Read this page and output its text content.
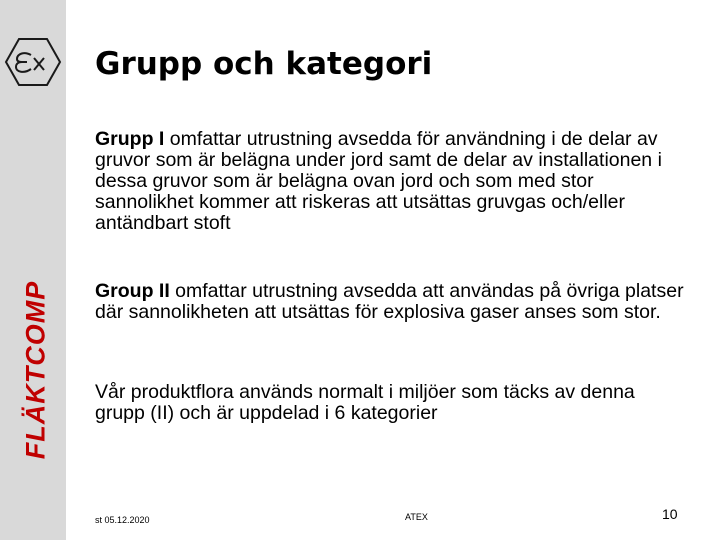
FLÄKTCOMP
Grupp och kategori
Grupp I omfattar utrustning avsedda för användning i de delar av gruvor som är belägna under jord samt de delar av installationen i dessa gruvor som är belägna ovan jord och som med stor sannolikhet kommer att riskeras att utsättas gruvgas och/eller antändbart stoft
Group II omfattar utrustning avsedda att användas på övriga platser där sannolikheten att utsättas för explosiva gaser anses som stor.
Vår produktflora används normalt i miljöer som täcks av denna grupp (II) och är uppdelad i 6 kategorier
st 05.12.2020	ATEX	10
